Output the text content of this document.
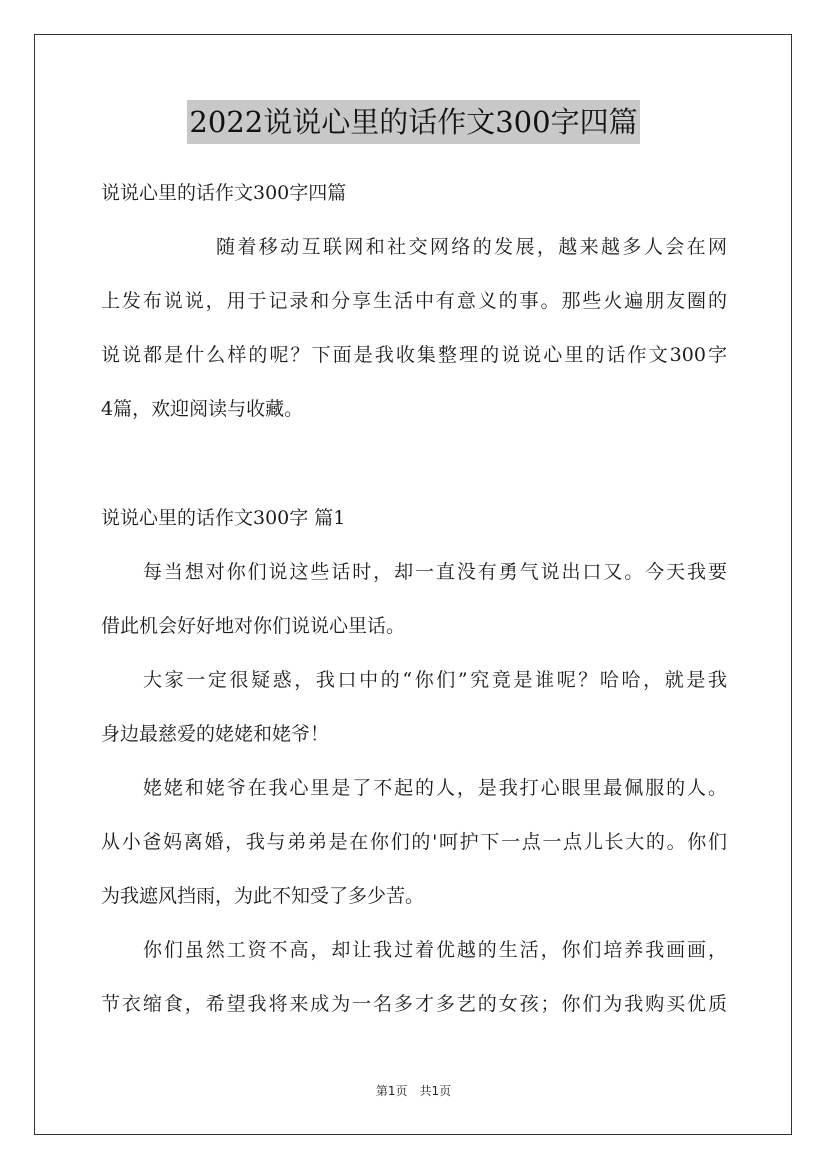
2022说说心里的话作文300字四篇
说说心里的话作文300字四篇
随着移动互联网和社交网络的发展，越来越多人会在网
上发布说说，用于记录和分享生活中有意义的事。那些火遍朋友圈的
说说都是什么样的呢？下面是我收集整理的说说心里的话作文300字
4篇，欢迎阅读与收藏。
说说心里的话作文300字 篇1
每当想对你们说这些话时，却一直没有勇气说出口又。今天我要
借此机会好好地对你们说说心里话。
大家一定很疑惑，我口中的“你们”究竟是谁呢？哈哈，就是我
身边最慈爱的姥姥和姥爷！
姥姥和姥爷在我心里是了不起的人，是我打心眼里最佩服的人。
从小爸妈离婚，我与弟弟是在你们的'呵护下一点一点儿长大的。你们
为我遮风挡雨，为此不知受了多少苦。
你们虽然工资不高，却让我过着优越的生活，你们培养我画画，
节衣缩食，希望我将来成为一名多才多艺的女孩；你们为我购买优质
第1页　共1页
